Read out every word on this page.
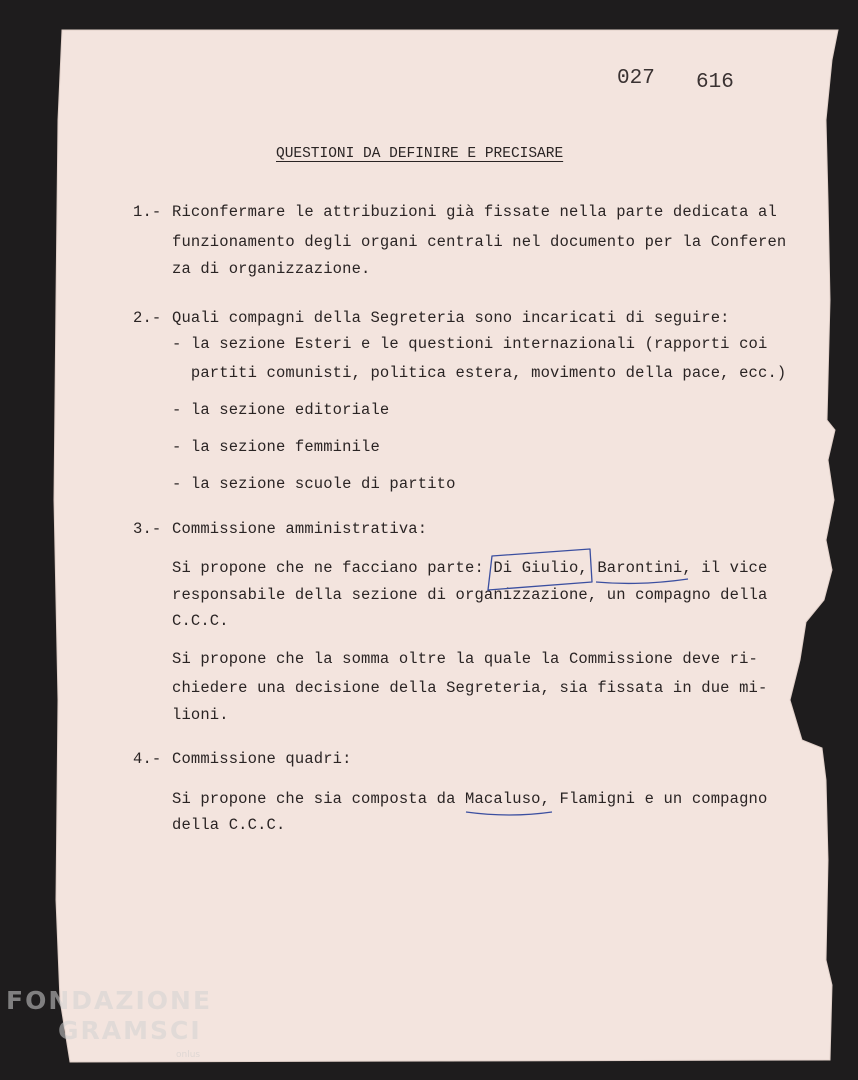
027 616
QUESTIONI DA DEFINIRE E PRECISARE
1.- Riconfermare le attribuzioni già fissate nella parte dedicata al
funzionamento degli organi centrali nel documento per la Conferen
za di organizzazione.
2.- Quali compagni della Segreteria sono incaricati di seguire:
- la sezione Esteri e le questioni internazionali (rapporti coi
partiti comunisti, politica estera, movimento della pace, ecc.)
- la sezione editoriale
- la sezione femminile
- la sezione scuole di partito
3.- Commissione amministrativa:
Si propone che ne facciano parte: Di Giulio, Barontini, il vice
responsabile della sezione di organizzazione, un compagno della
C.C.C.
Si propone che la somma oltre la quale la Commissione deve ri-
chiedere una decisione della Segreteria, sia fissata in due mi-
lioni.
4.- Commissione quadri:
Si propone che sia composta da Macaluso, Flamigni e un compagno
della C.C.C.
FONDAZIONE
GRAMSCI
onlus
